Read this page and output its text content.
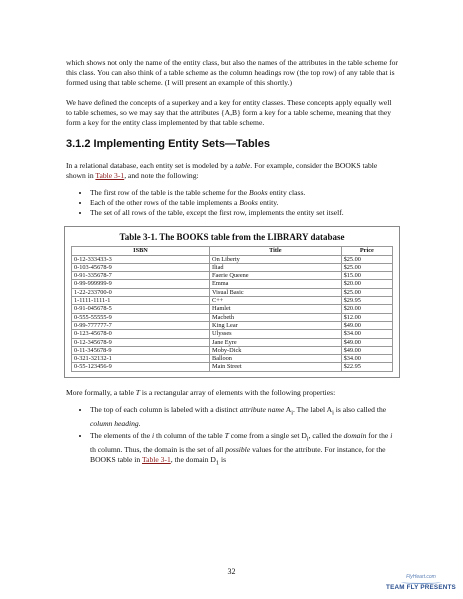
which shows not only the name of the entity class, but also the names of the attributes in the table scheme for this class. You can also think of a table scheme as the column headings row (the top row) of any table that is formed using that table scheme. (I will present an example of this shortly.)

We have defined the concepts of a superkey and a key for entity classes. These concepts apply equally well to table schemes, so we may say that the attributes {A,B} form a key for a table scheme, meaning that they form a key for the entity class implemented by that table scheme.

3.1.2 Implementing Entity Sets—Tables

In a relational database, each entity set is modeled by a table. For example, consider the BOOKS table shown in Table 3-1, and note the following:

• The first row of the table is the table scheme for the Books entity class.
• Each of the other rows of the table implements a Books entity.
• The set of all rows of the table, except the first row, implements the entity set itself.
Table 3-1. The BOOKS table from the LIBRARY database
ISBN	Title	Price
0-12-333433-3	On Liberty	$25.00
0-103-45678-9	Iliad	$25.00
0-91-335678-7	Faerie Queene	$15.00
0-99-999999-9	Emma	$20.00
1-22-233700-0	Visual Basic	$25.00
1-1111-1111-1	C++	$29.95
0-91-045678-5	Hamlet	$20.00
0-555-55555-9	Macbeth	$12.00
0-99-777777-7	King Lear	$49.00
0-123-45678-0	Ulysses	$34.00
0-12-345678-9	Jane Eyre	$49.00
0-11-345678-9	Moby-Dick	$49.00
0-321-32132-1	Balloon	$34.00
0-55-123456-9	Main Street	$22.95

More formally, a table T is a rectangular array of elements with the following properties:

• The top of each column is labeled with a distinct attribute name $A_i$. The label $A_i$ is also called the column heading.
• The elements of the i th column of the table T come from a single set $D_i$, called the domain for the i th column. Thus, the domain is the set of all possible values for the attribute. For instance, for the BOOKS table in Table 3-1, the domain $D_1$ is
32
FlyHeart.com
TEAM FLY PRESENTS
